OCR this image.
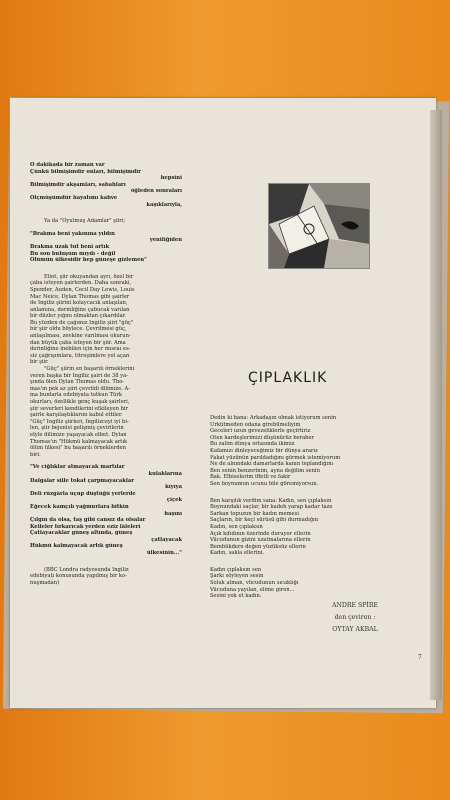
O dakikada bir zaman var
Çünkü bilmişimdir onları, bilmişimdir
hepsini
Bilmişimdir akşamları, sabahları
öğleden sonraları
Ölçmüşümdür hayatımı kahve
kaşıklarıyla,
Ya da "Oyulmuş Adamlar" şiiri;
"Brakma beni yakınına yıldın
yeniliğiden
Brakma uzak tut beni artık
Bu son buluşum mıydı - değil
Ölümün ülkesidir hep güneşe gizlemen"
Eliot, şiir okuyandan ayrı, özel bir
çaba isteyen şairlerden. Daha sonraki,
Spender, Auden, Cecil Day Lewis, Louis
Mac Neice, Dylan Thomas gibi şairler
de İngiliz şiirini kolaycacık anlaşılan,
anlamına, derinliğine çabucak varılan
bir düzler yığını olmaktan çıkardılar.
Bu yüzden de çağımız İngiliz şiiri "güç"
bir şiir oldu böylece. Çevrilmesi güç,
anlaşılması, zevkine varılması okurun-
dan büyük çaba isteyen bir şiir. Ama
derinliğine inebilen için her mısraı es-
siz çağrışımlara, titreşimlere yol açan
bir şiir.
"Güç" şiirin en başarılı örneklerini
veren başka bir İngiliz şairi de 38 ya-
şında ölen Dylan Thomas oldu. Tho-
mas'ın pek az şiiri çevrildi dilimize. A-
ma bunlarla edebiyata tutkun Türk
okurları, özellikle genç kuşak şairleri,
şiir severleri kendilerini etkileyen bir
şairle karşılaştıklarını kabul ettiler.
"Güç" İngiliz şiirleri, İngilizceyi iyi bi-
len, şiir bejenisi gelişmiş çevirilerin
elyle dilimize yaşayacak elbet. Dylan
Thomas'ın "Hükmü kalmayacak artık
ölüm ülkesi" bu başarılı örneklerden
biri.
"Ve ciğlıklar atmayacak martılar
kulaklarına
Dalgalar sille tokat çarpmayacaklar
kıyıya
Deli rüzgârla uçup düştüğü yerlerde
çiçek
Eğecek kamçılı yağmurlara bitkin
başını
Çılgın da olsa, taş gibi cansız da olsalar
Kelleler fırkarıcak yerden eziz lâleleri
Çatlayacaklar güneş altında, güneş
çatlayacak
Hükmü kalmayacak artık güneş
ülkesinin..."
(BBC Londra radyosunda İngiliz
edebiyatı konusunda yapılmış bir ko-
nuşmadan)
ÇIPLAKLIK
Dedin ki bana: Arkadaşın olmak istiyorum senin
Ürkütmeden odana girebilmeliyim
Geceleri uzun gevezeliklerle geçirtiriz
Öten kardeşlerimizi düşünürüz beraber
Bu zalim dünya ortasında ikimiz
Kafamızı dinleyeceğimiz bir dünya ararız
Fakat yüzünün parıldadığını görmek istemiyorum
Ne de alnındaki damarlarda kanın teplandığını
Ben senin benzerinim, ayna değilim senin
Bak. Elbiselerim iffetli ve fakir
Sen boynumun ucunu bile göremiyorsun.
Ben karşılık verdim sana: Kadın, sen çıplaksın
Boynundaki saçlar, bir kadeh yarap kadar taze
Sarkan topuzun bir kadın memesi
Saçların, bir keçi sürüsü gibi durmadığın
Kadın, sen çıplaksın
Açık kıfıdının üzerinde duruyor ellerin
Vücudunun gizini uzatmalarına ellerin
Bembükdere değen yüzüksüz ellerin
Kadın, sakla ellerini.
Kadın çıplaksın sen
Şarkı söyleyen sesin
Soluk alman, vücudunun sıcaklığı
Vücuduna yayılan, elime giren...
Sesini yok et kadın.
ANDRE SPİRE
den çeviren :
OYTAY AKBAL
7
